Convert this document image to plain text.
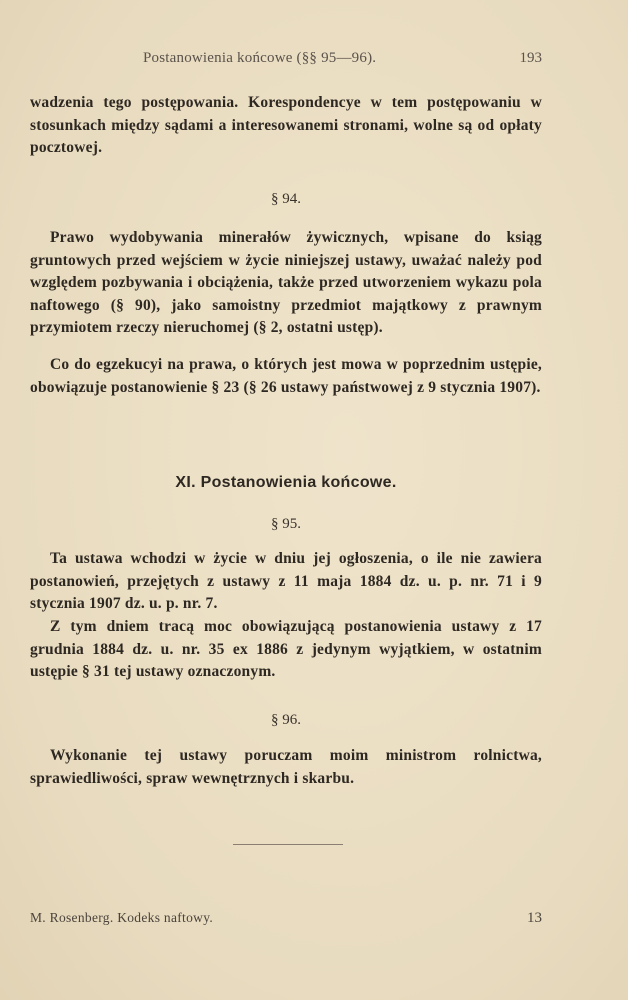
Postanowienia końcowe (§§ 95—96).	193
wadzenia tego postępowania. Korespondencye w tem postępowaniu w stosunkach między sądami a interesowanemi stronami, wolne są od opłaty pocztowej.
§ 94.
Prawo wydobywania minerałów żywicznych, wpisane do ksiąg gruntowych przed wejściem w życie niniejszej ustawy, uważać należy pod względem pozbywania i obciążenia, także przed utworzeniem wykazu pola naftowego (§ 90), jako samoistny przedmiot majątkowy z prawnym przymiotem rzeczy nieruchomej (§ 2, ostatni ustęp).
Co do egzekucyi na prawa, o których jest mowa w poprzednim ustępie, obowiązuje postanowienie § 23 (§ 26 ustawy państwowej z 9 stycznia 1907).
XI. Postanowienia końcowe.
§ 95.
Ta ustawa wchodzi w życie w dniu jej ogłoszenia, o ile nie zawiera postanowień, przejętych z ustawy z 11 maja 1884 dz. u. p. nr. 71 i 9 stycznia 1907 dz. u. p. nr. 7.
Z tym dniem tracą moc obowiązującą postanowienia ustawy z 17 grudnia 1884 dz. u. nr. 35 ex 1886 z jedynym wyjątkiem, w ostatnim ustępie § 31 tej ustawy oznaczonym.
§ 96.
Wykonanie tej ustawy poruczam moim ministrom rolnictwa, sprawiedliwości, spraw wewnętrznych i skarbu.
M. Rosenberg. Kodeks naftowy.	13
